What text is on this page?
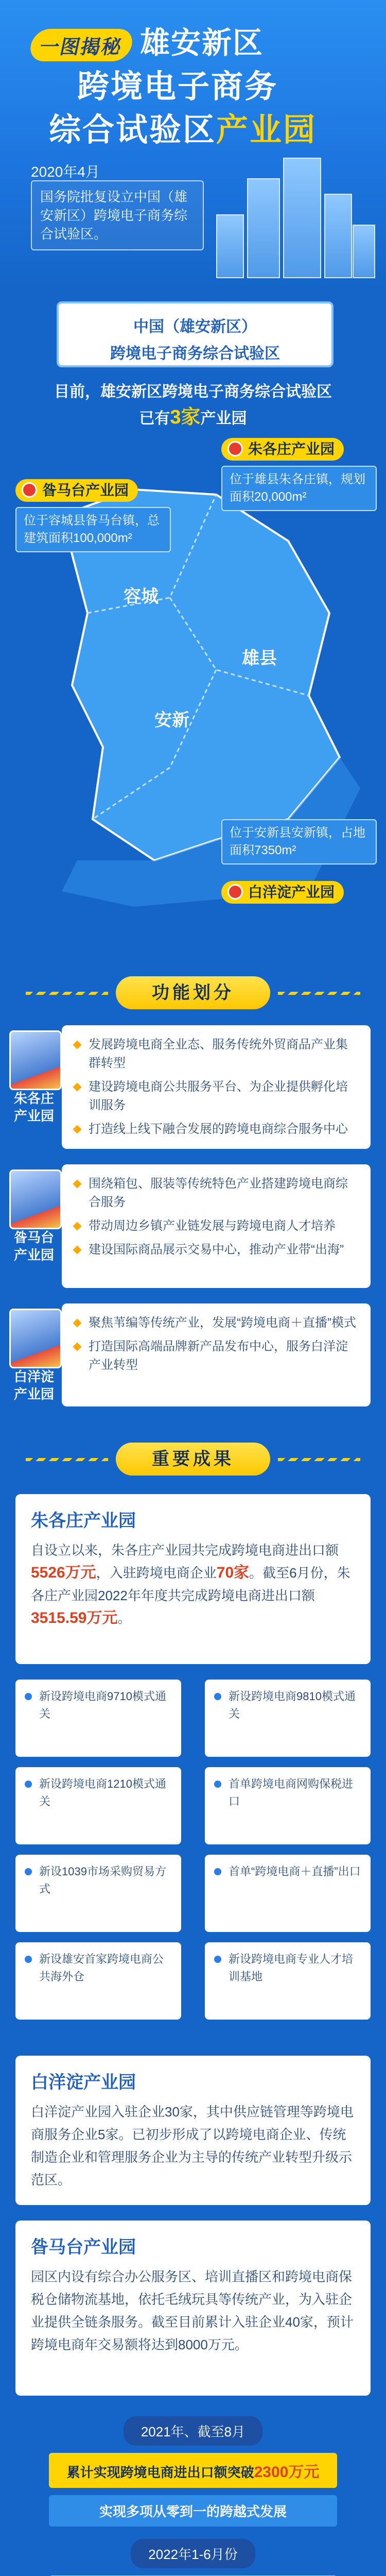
一图揭秘 雄安新区
跨境电子商务
综合试验区产业园
2020年4月
国务院批复设立中国（雄安新区）跨境电子商务综合试验区。
中国（雄安新区）
跨境电子商务综合试验区
目前，雄安新区跨境电子商务综合试验区
已有3家产业园
容城
雄县
安新
朱各庄产业园
位于雄县朱各庄镇，规划面积20,000m²
昝马台产业园
位于容城县昝马台镇，总建筑面积100,000m²
位于安新县安新镇，占地面积7350m²
白洋淀产业园
功能划分
朱各庄产业园
发展跨境电商全业态、服务传统外贸商品产业集群转型
建设跨境电商公共服务平台、为企业提供孵化培训服务
打造线上线下融合发展的跨境电商综合服务中心
昝马台产业园
围绕箱包、服装等传统特色产业搭建跨境电商综合服务
带动周边乡镇产业链发展与跨境电商人才培养
建设国际商品展示交易中心，推动产业带“出海”
白洋淀产业园
聚焦苇编等传统产业，发展“跨境电商＋直播”模式
打造国际高端品牌新产品发布中心，服务白洋淀产业转型
重要成果
朱各庄产业园
自设立以来，朱各庄产业园共完成跨境电商进出口额5526万元，入驻跨境电商企业70家。截至6月份，朱各庄产业园2022年年度共完成跨境电商进出口额3515.59万元。
新设跨境电商9710模式通关
新设跨境电商9810模式通关
新设跨境电商1210模式通关
首单跨境电商网购保税进口
新设1039市场采购贸易方式
首单“跨境电商＋直播”出口
新设雄安首家跨境电商公共海外仓
新设跨境电商专业人才培训基地
白洋淀产业园
白洋淀产业园入驻企业30家，其中供应链管理等跨境电商服务企业5家。已初步形成了以跨境电商企业、传统制造企业和管理服务企业为主导的传统产业转型升级示范区。
昝马台产业园
园区内设有综合办公服务区、培训直播区和跨境电商保税仓储物流基地，依托毛绒玩具等传统产业，为入驻企业提供全链条服务。截至目前累计入驻企业40家，预计跨境电商年交易额将达到8000万元。
2021年、截至8月
累计实现跨境电商进出口额突破2300万元
实现多项从零到一的跨越式发展
2022年1-6月份
